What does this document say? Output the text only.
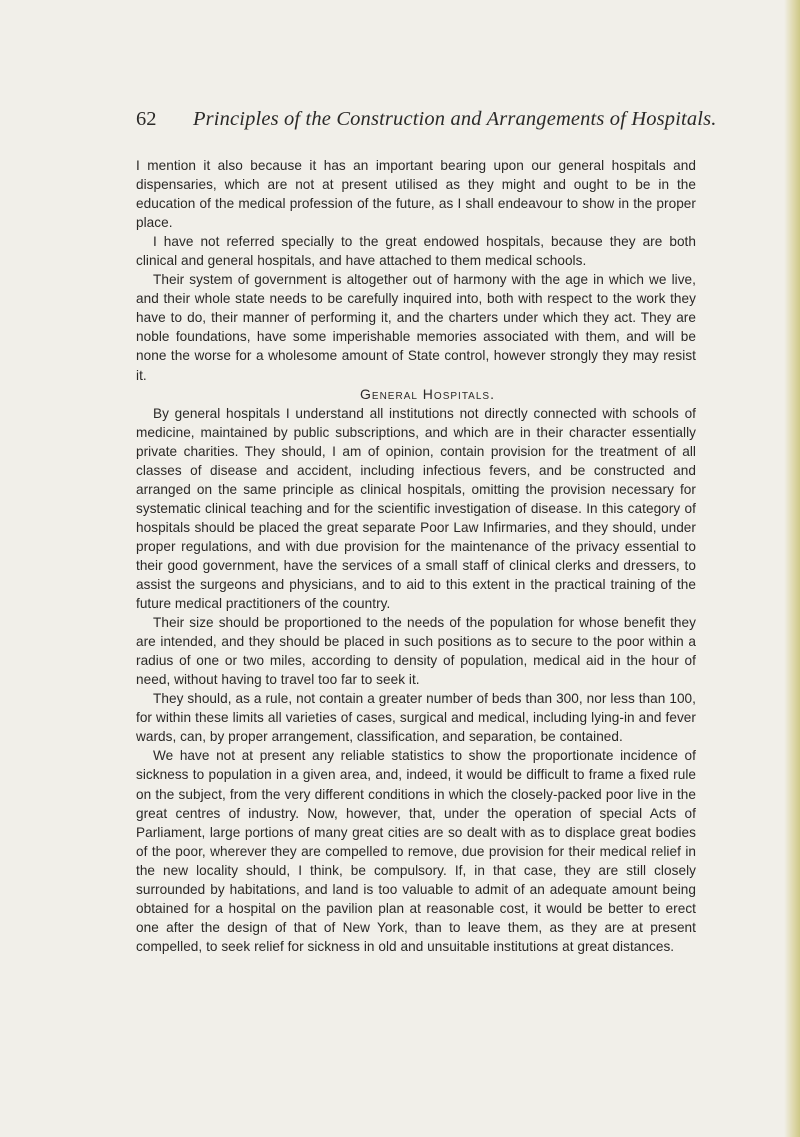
62 Principles of the Construction and Arrangements of Hospitals.

I mention it also because it has an important bearing upon our general hospitals and dispensaries, which are not at present utilised as they might and ought to be in the education of the medical profession of the future, as I shall endeavour to show in the proper place.

I have not referred specially to the great endowed hospitals, because they are both clinical and general hospitals, and have attached to them medical schools.

Their system of government is altogether out of harmony with the age in which we live, and their whole state needs to be carefully inquired into, both with respect to the work they have to do, their manner of performing it, and the charters under which they act. They are noble foundations, have some imperishable memories associated with them, and will be none the worse for a wholesome amount of State control, however strongly they may resist it.

General Hospitals.

By general hospitals I understand all institutions not directly connected with schools of medicine, maintained by public subscriptions, and which are in their character essentially private charities. They should, I am of opinion, contain provision for the treatment of all classes of disease and accident, including infectious fevers, and be constructed and arranged on the same principle as clinical hospitals, omitting the provision necessary for systematic clinical teaching and for the scientific investigation of disease. In this category of hospitals should be placed the great separate Poor Law Infirmaries, and they should, under proper regulations, and with due provision for the maintenance of the privacy essential to their good government, have the services of a small staff of clinical clerks and dressers, to assist the surgeons and physicians, and to aid to this extent in the practical training of the future medical practitioners of the country.

Their size should be proportioned to the needs of the population for whose benefit they are intended, and they should be placed in such positions as to secure to the poor within a radius of one or two miles, according to density of population, medical aid in the hour of need, without having to travel too far to seek it.

They should, as a rule, not contain a greater number of beds than 300, nor less than 100, for within these limits all varieties of cases, surgical and medical, including lying-in and fever wards, can, by proper arrangement, classification, and separation, be contained.

We have not at present any reliable statistics to show the proportionate incidence of sickness to population in a given area, and, indeed, it would be difficult to frame a fixed rule on the subject, from the very different conditions in which the closely-packed poor live in the great centres of industry. Now, however, that, under the operation of special Acts of Parliament, large portions of many great cities are so dealt with as to displace great bodies of the poor, wherever they are compelled to remove, due provision for their medical relief in the new locality should, I think, be compulsory. If, in that case, they are still closely surrounded by habitations, and land is too valuable to admit of an adequate amount being obtained for a hospital on the pavilion plan at reasonable cost, it would be better to erect one after the design of that of New York, than to leave them, as they are at present compelled, to seek relief for sickness in old and unsuitable institutions at great distances.
